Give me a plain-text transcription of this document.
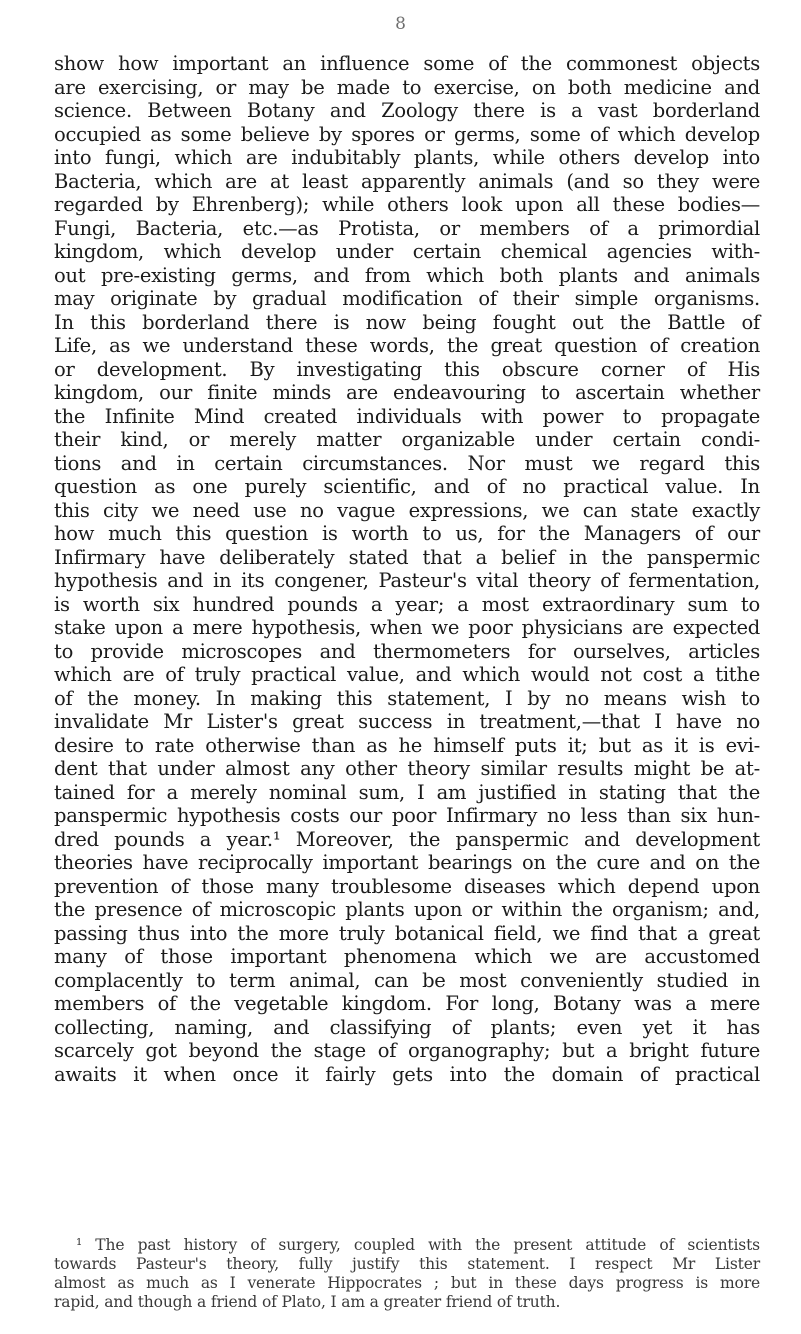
8
show how important an influence some of the commonest objects
are exercising, or may be made to exercise, on both medicine and
science. Between Botany and Zoology there is a vast borderland
occupied as some believe by spores or germs, some of which develop
into fungi, which are indubitably plants, while others develop into
Bacteria, which are at least apparently animals (and so they were
regarded by Ehrenberg); while others look upon all these bodies—
Fungi, Bacteria, etc.—as Protista, or members of a primordial
kingdom, which develop under certain chemical agencies with-
out pre-existing germs, and from which both plants and animals
may originate by gradual modification of their simple organisms.
In this borderland there is now being fought out the Battle of
Life, as we understand these words, the great question of creation
or development. By investigating this obscure corner of His
kingdom, our finite minds are endeavouring to ascertain whether
the Infinite Mind created individuals with power to propagate
their kind, or merely matter organizable under certain condi-
tions and in certain circumstances. Nor must we regard this
question as one purely scientific, and of no practical value. In
this city we need use no vague expressions, we can state exactly
how much this question is worth to us, for the Managers of our
Infirmary have deliberately stated that a belief in the panspermic
hypothesis and in its congener, Pasteur's vital theory of fermentation,
is worth six hundred pounds a year; a most extraordinary sum to
stake upon a mere hypothesis, when we poor physicians are expected
to provide microscopes and thermometers for ourselves, articles
which are of truly practical value, and which would not cost a tithe
of the money. In making this statement, I by no means wish to
invalidate Mr Lister's great success in treatment,—that I have no
desire to rate otherwise than as he himself puts it; but as it is evi-
dent that under almost any other theory similar results might be at-
tained for a merely nominal sum, I am justified in stating that the
panspermic hypothesis costs our poor Infirmary no less than six hun-
dred pounds a year.¹ Moreover, the panspermic and development
theories have reciprocally important bearings on the cure and on the
prevention of those many troublesome diseases which depend upon
the presence of microscopic plants upon or within the organism; and,
passing thus into the more truly botanical field, we find that a great
many of those important phenomena which we are accustomed
complacently to term animal, can be most conveniently studied in
members of the vegetable kingdom. For long, Botany was a mere
collecting, naming, and classifying of plants; even yet it has
scarcely got beyond the stage of organography; but a bright future
awaits it when once it fairly gets into the domain of practical
¹ The past history of surgery, coupled with the present attitude of scientists
towards Pasteur's theory, fully justify this statement. I respect Mr Lister
almost as much as I venerate Hippocrates ; but in these days progress is more
rapid, and though a friend of Plato, I am a greater friend of truth.
